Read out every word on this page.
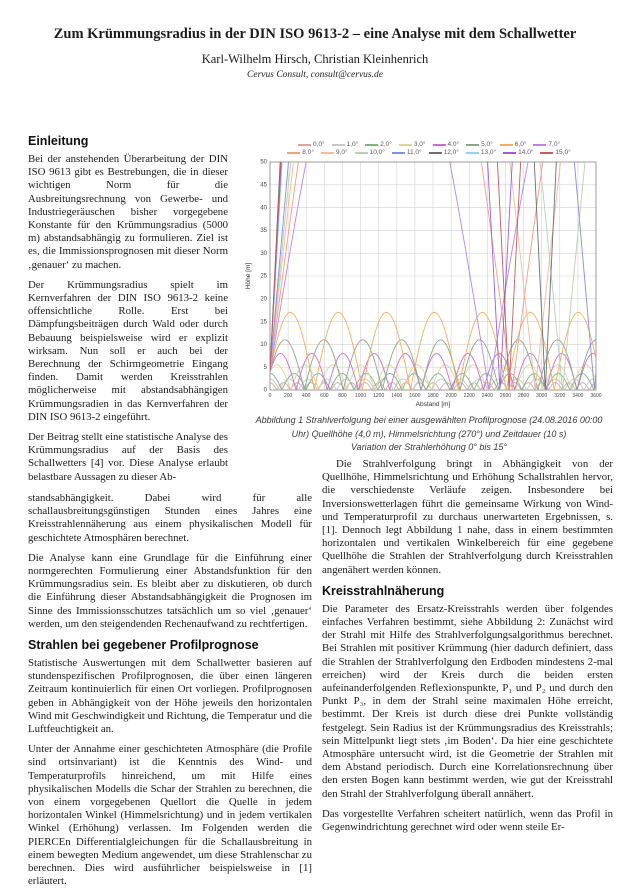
Zum Krümmungsradius in der DIN ISO 9613-2 – eine Analyse mit dem Schallwetter
Karl-Wilhelm Hirsch, Christian Kleinhenrich
Cervus Consult, consult@cervus.de
Einleitung

Bei der anstehenden Überarbeitung der DIN ISO 9613 gibt es Bestrebungen, die in dieser wichtigen Norm für die Ausbreitungsrechnung von Gewerbe- und Industriegeräuschen bisher vorgegebene Konstante für den Krümmungsradius (5000 m) abstandsabhängig zu formulieren. Ziel ist es, die Immissionsprognosen mit dieser Norm ‚genauer‘ zu machen.

Der Krümmungsradius spielt im Kernverfahren der DIN ISO 9613-2 keine offensichtliche Rolle. Erst bei Dämpfungsbeiträgen durch Wald oder durch Bebauung beispielsweise wird er explizit wirksam. Nun soll er auch bei der Berechnung der Schirmgeometrie Eingang finden. Damit werden Kreisstrahlen möglicherweise mit abstandsabhängigen Krümmungsradien in das Kernverfahren der DIN ISO 9613-2 eingeführt.

Der Beitrag stellt eine statistische Analyse des Krümmungsradius auf der Basis des Schallwetters [4] vor. Diese Analyse erlaubt belastbare Aussagen zu dieser Ab-

0,0°	1,0°	2,0°	3,0°	4,0°	5,0°	6,0°	7,0°
8,0°	9,0°	10,0°	11,0°	12,0°	13,0°	14,0°	15,0°
Abbildung 1 Strahlverfolgung bei einer ausgewählten Profilprognose (24.08.2016 00:00
Uhr) Quellhöhe (4,0 m), Himmelsrichtung (270°) und Zeitdauer (10 s)
Variation der Strahlerhöhung 0° bis 15°

standsabhängigkeit. Dabei wird für alle schallausbreitungsgünstigen Stunden eines Jahres eine Kreisstrahlennäherung aus einem physikalischen Modell für geschichtete Atmosphären berechnet.

Die Analyse kann eine Grundlage für die Einführung einer normgerechten Formulierung einer Abstandsfunktion für den Krümmungsradius sein. Es bleibt aber zu diskutieren, ob durch die Einführung dieser Abstandsabhängigkeit die Prognosen im Sinne des Immissionsschutzes tatsächlich um so viel ‚genauer‘ werden, um den steigendenden Rechenaufwand zu rechtfertigen.

Strahlen bei gegebener Profilprognose

Statistische Auswertungen mit dem Schallwetter basieren auf stundenspezifischen Profilprognosen, die über einen längeren Zeitraum kontinuierlich für einen Ort vorliegen. Profilprognosen geben in Abhängigkeit von der Höhe jeweils den horizontalen Wind mit Geschwindigkeit und Richtung, die Temperatur und die Luftfeuchtigkeit an.

Unter der Annahme einer geschichteten Atmosphäre (die Profile sind ortsinvariant) ist die Kenntnis des Wind- und Temperaturprofils hinreichend, um mit Hilfe eines physikalischen Modells die Schar der Strahlen zu berechnen, die von einem vorgegebenen Quellort die Quelle in jedem horizontalen Winkel (Himmelsrichtung) und in jedem vertikalen Winkel (Erhöhung) verlassen. Im Folgenden werden die PIERCEn Differentialgleichungen für die Schallausbreitung in einem bewegten Medium angewendet, um diese Strahlenschar zu berechnen. Dies wird ausführlicher beispielsweise in [1] erläutert.

Die Strahlverfolgung bringt in Abhängigkeit von der Quellhöhe, Himmelsrichtung und Erhöhung Schallstrahlen hervor, die verschiedenste Verläufe zeigen. Insbesondere bei Inversionswetterlagen führt die gemeinsame Wirkung von Wind- und Temperaturprofil zu durchaus unerwarteten Ergebnissen, s. [1]. Dennoch legt Abbildung 1 nahe, dass in einem bestimmten horizontalen und vertikalen Winkelbereich für eine gegebene Quellhöhe die Strahlen der Strahlverfolgung durch Kreisstrahlen angenähert werden können.

Kreisstrahlnäherung

Die Parameter des Ersatz-Kreisstrahls werden über folgendes einfaches Verfahren bestimmt, siehe Abbildung 2: Zunächst wird der Strahl mit Hilfe des Strahlverfolgungsalgorithmus berechnet. Bei Strahlen mit positiver Krümmung (hier dadurch definiert, dass die Strahlen der Strahlverfolgung den Erdboden mindestens 2-mal erreichen) wird der Kreis durch die beiden ersten aufeinanderfolgenden Reflexionspunkte, P₁ und P₂ und durch den Punkt P₃, in dem der Strahl seine maximalen Höhe erreicht, bestimmt. Der Kreis ist durch diese drei Punkte vollständig festgelegt. Sein Radius ist der Krümmungsradius des Kreisstrahls; sein Mittelpunkt liegt stets ‚im Boden‘. Da hier eine geschichtete Atmosphäre untersucht wird, ist die Geometrie der Strahlen mit dem Abstand periodisch. Durch eine Korrelationsrechnung über den ersten Bogen kann bestimmt werden, wie gut der Kreisstrahl den Strahl der Strahlverfolgung überall annähert.

Das vorgestellte Verfahren scheitert natürlich, wenn das Profil in Gegenwindrichtung gerechnet wird oder wenn steile Er-
